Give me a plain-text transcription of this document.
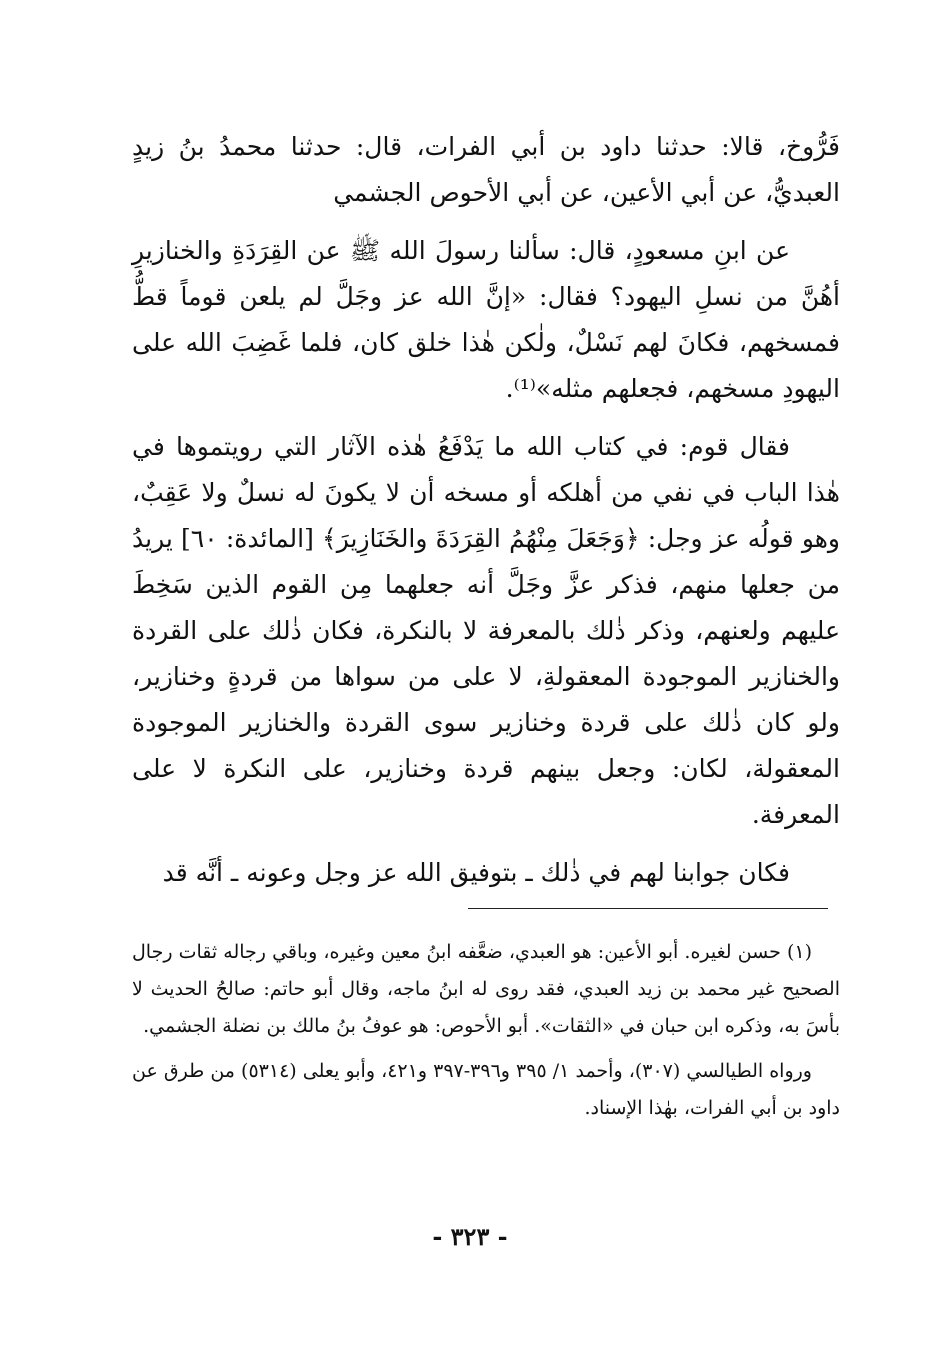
فَرُّوخ، قالا: حدثنا داود بن أبي الفرات، قال: حدثنا محمدُ بنُ زيدٍ العبديُّ، عن أبي الأعين، عن أبي الأحوص الجشمي

عن ابنِ مسعودٍ، قال: سألنا رسولَ الله ﷺ عن القِرَدَةِ والخنازيرِ أهُنَّ من نسلِ اليهود؟ فقال: «إنَّ الله عز وجَلَّ لم يلعن قوماً قطُّ فمسخهم، فكانَ لهم نَسْلٌ، ولٰكن هٰذا خلق كان، فلما غَضِبَ الله على اليهودِ مسخهم، فجعلهم مثله»⁽¹⁾.

فقال قوم: في كتاب الله ما يَدْفَعُ هٰذه الآثار التي رويتموها في هٰذا الباب في نفي من أهلكه أو مسخه أن لا يكونَ له نسلٌ ولا عَقِبٌ، وهو قولُه عز وجل: ﴿وَجَعَلَ مِنْهُمُ القِرَدَةَ والخَنَازِيرَ﴾ [المائدة: ٦٠] يريدُ من جعلها منهم، فذكر عزَّ وجَلَّ أنه جعلهما مِن القوم الذين سَخِطَ عليهم ولعنهم، وذكر ذٰلك بالمعرفة لا بالنكرة، فكان ذٰلك على القردة والخنازير الموجودة المعقولةِ، لا على من سواها من قردةٍ وخنازير، ولو كان ذٰلك على قردة وخنازير سوى القردة والخنازير الموجودة المعقولة، لكان: وجعل بينهم قردة وخنازير، على النكرة لا على المعرفة.

فكان جوابنا لهم في ذٰلك ـ بتوفيق الله عز وجل وعونه ـ أنَّه قد

(١) حسن لغيره. أبو الأعين: هو العبدي، ضعَّفه ابنُ معين وغيره، وباقي رجاله ثقات رجال الصحيح غير محمد بن زيد العبدي، فقد روى له ابنُ ماجه، وقال أبو حاتم: صالحُ الحديث لا بأسَ به، وذكره ابن حبان في «الثقات». أبو الأحوص: هو عوفُ بنُ مالك بن نضلة الجشمي.

ورواه الطيالسي (٣٠٧)، وأحمد ١/ ٣٩٥ و٣٩٦-٣٩٧ و٤٢١، وأبو يعلى (٥٣١٤) من طرق عن داود بن أبي الفرات، بهٰذا الإسناد.

- ٣٢٣ -
